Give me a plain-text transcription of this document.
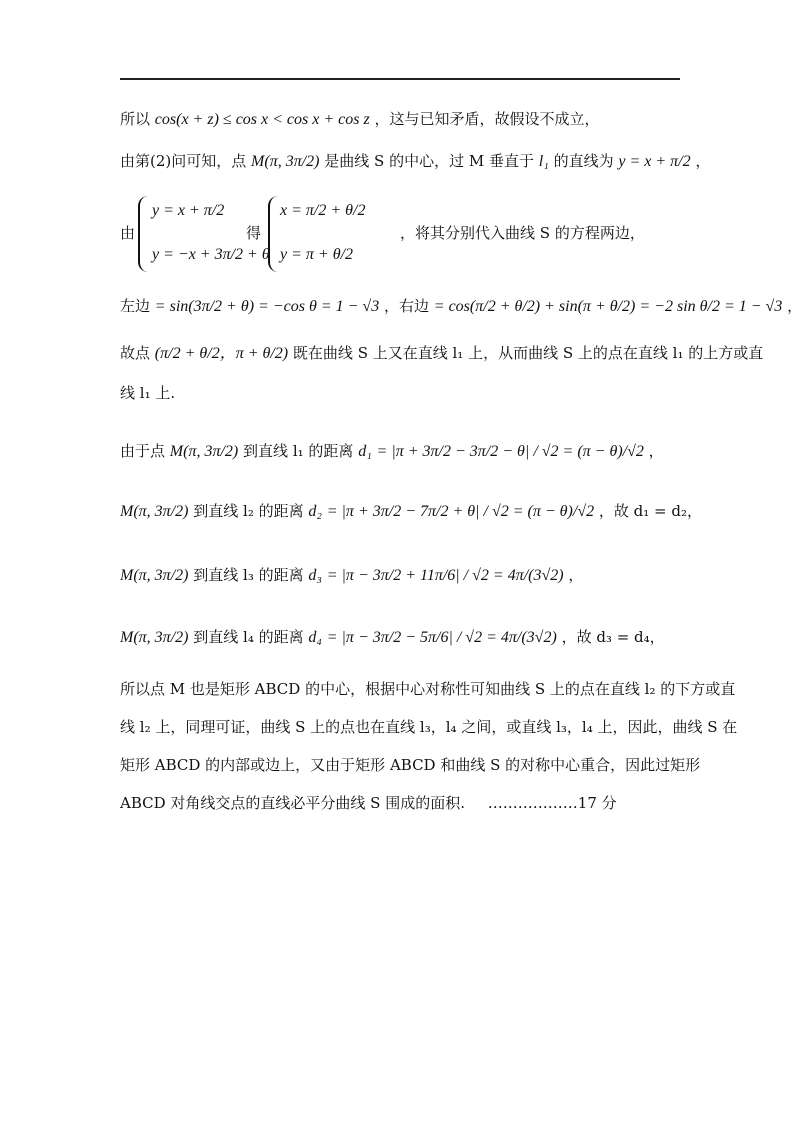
所以 cos(x + z) ≤ cos x < cos x + cos z ，这与已知矛盾，故假设不成立，
由第(2)问可知，点 M(π, 3π/2) 是曲线 S 的中心，过 M 垂直于 l₁ 的直线为 y = x + π/2 ，
由
y = x + π/2
y = −x + 3π/2 + θ
得
x = π/2 + θ/2
y = π + θ/2
，将其分别代入曲线 S 的方程两边，
左边 = sin(3π/2 + θ) = −cos θ = 1 − √3 ，右边 = cos(π/2 + θ/2) + sin(π + θ/2) = −2 sin θ/2 = 1 − √3 ，
故点 (π/2 + θ/2，π + θ/2) 既在曲线 S 上又在直线 l₁ 上，从而曲线 S 上的点在直线 l₁ 的上方或直
线 l₁ 上.
由于点 M(π, 3π/2) 到直线 l₁ 的距离 d₁ = |π + 3π/2 − 3π/2 − θ| / √2 = (π − θ)/√2 ，
M(π, 3π/2) 到直线 l₂ 的距离 d₂ = |π + 3π/2 − 7π/2 + θ| / √2 = (π − θ)/√2 ，故 d₁ = d₂，
M(π, 3π/2) 到直线 l₃ 的距离 d₃ = |π − 3π/2 + 11π/6| / √2 = 4π/(3√2) ，
M(π, 3π/2) 到直线 l₄ 的距离 d₄ = |π − 3π/2 − 5π/6| / √2 = 4π/(3√2) ，故 d₃ = d₄，
所以点 M 也是矩形 ABCD 的中心，根据中心对称性可知曲线 S 上的点在直线 l₂ 的下方或直
线 l₂ 上，同理可证，曲线 S 上的点也在直线 l₃，l₄ 之间，或直线 l₃，l₄ 上，因此，曲线 S 在
矩形 ABCD 的内部或边上，又由于矩形 ABCD 和曲线 S 的对称中心重合，因此过矩形
ABCD 对角线交点的直线必平分曲线 S 围成的面积. ………………17 分
